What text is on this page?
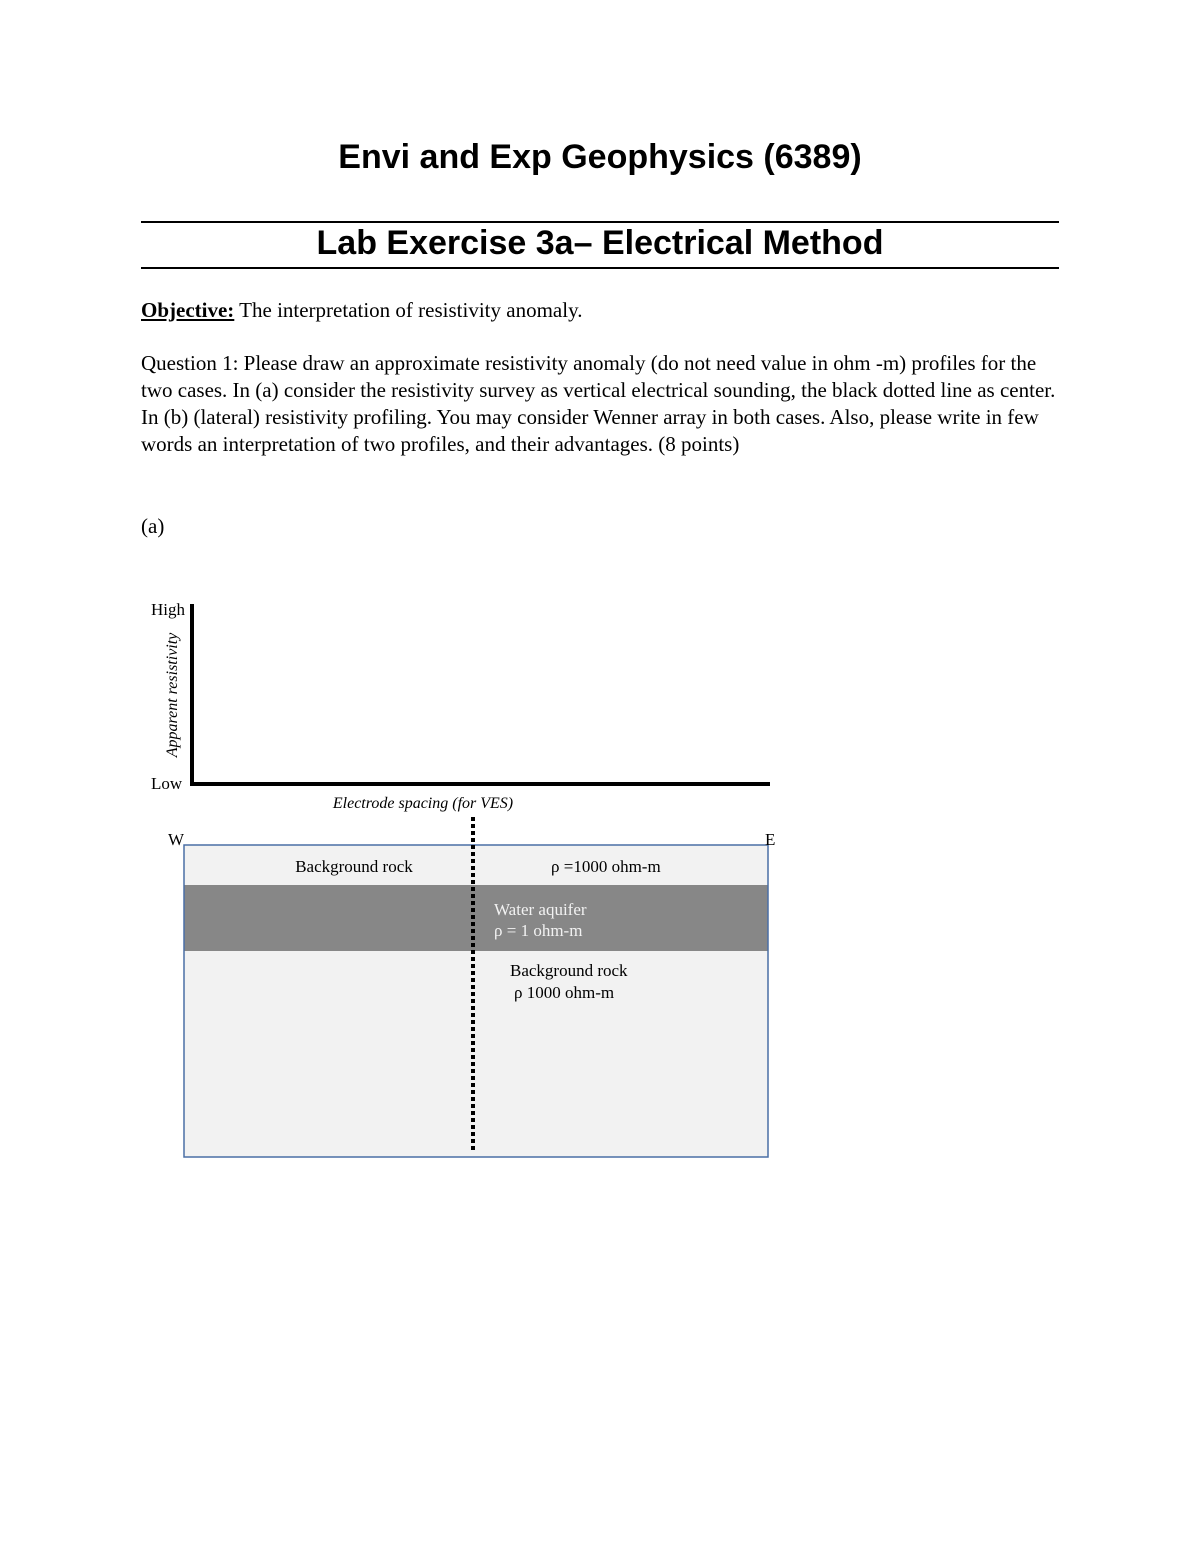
Envi and Exp Geophysics (6389)
Lab Exercise 3a– Electrical Method

Objective: The interpretation of resistivity anomaly.

Question 1: Please draw an approximate resistivity anomaly (do not need value in ohm -m) profiles for the two cases. In (a) consider the resistivity survey as vertical electrical sounding, the black dotted line as center. In (b) (lateral) resistivity profiling. You may consider Wenner array in both cases. Also, please write in few words an interpretation of two profiles, and their advantages. (8 points)

(a)

High
Low
Apparent resistivity
Electrode spacing (for VES)
W	E
Background rock	ρ =1000 ohm-m
Water aquifer
ρ = 1 ohm-m
Background rock
ρ 1000 ohm-m
